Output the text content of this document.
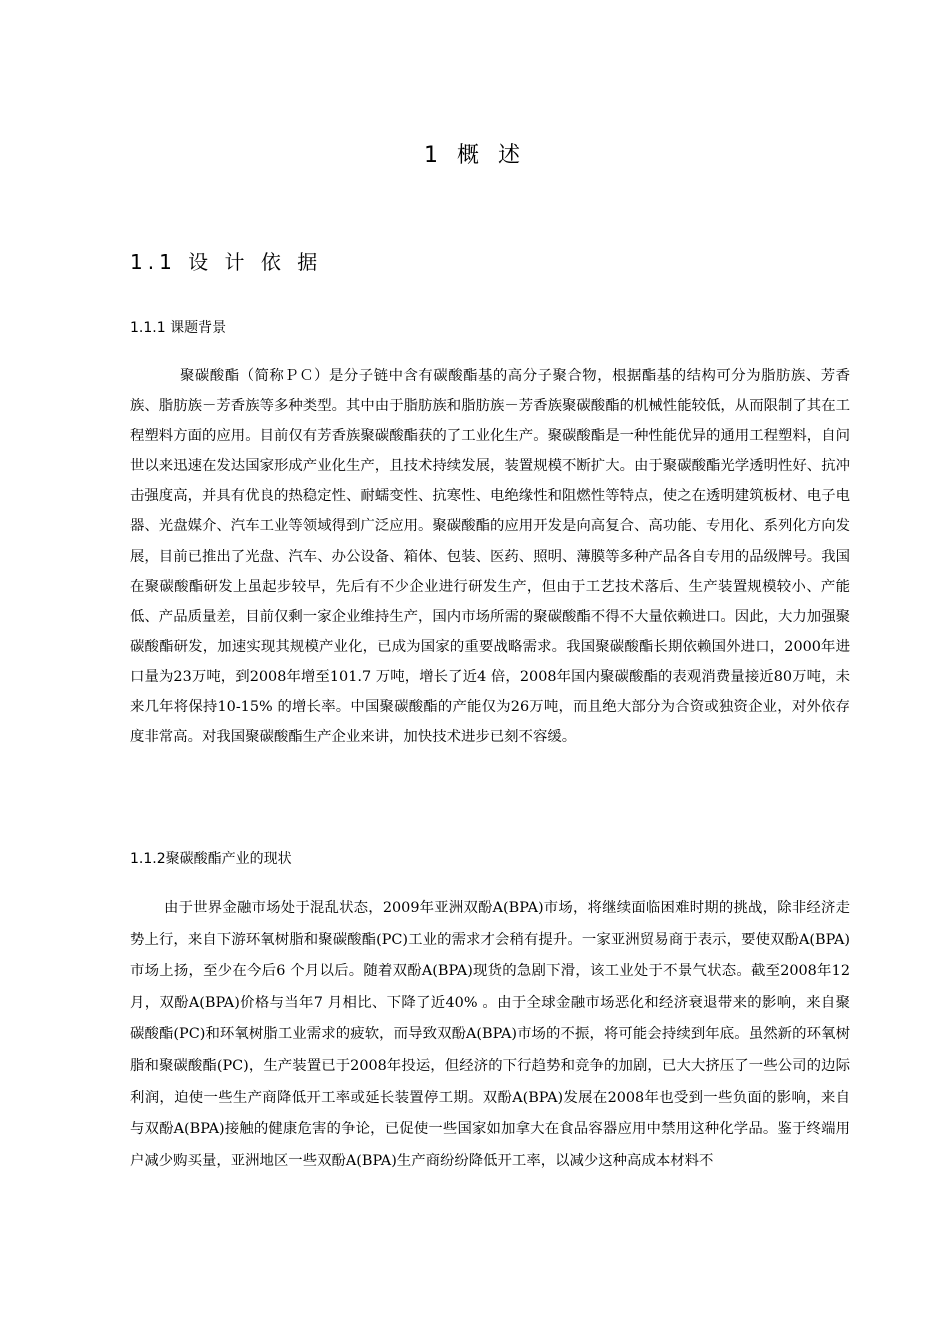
1 概 述
1.1 设 计 依 据
1.1.1 课题背景

聚碳酸酯（简称ＰＣ）是分子链中含有碳酸酯基的高分子聚合物，根据酯基的结构可分为脂肪族、芳香族、脂肪族－芳香族等多种类型。其中由于脂肪族和脂肪族－芳香族聚碳酸酯的机械性能较低，从而限制了其在工程塑料方面的应用。目前仅有芳香族聚碳酸酯获的了工业化生产。聚碳酸酯是一种性能优异的通用工程塑料，自问世以来迅速在发达国家形成产业化生产，且技术持续发展，装置规模不断扩大。由于聚碳酸酯光学透明性好、抗冲击强度高，并具有优良的热稳定性、耐蠕变性、抗寒性、电绝缘性和阻燃性等特点，使之在透明建筑板材、电子电器、光盘媒介、汽车工业等领域得到广泛应用。聚碳酸酯的应用开发是向高复合、高功能、专用化、系列化方向发展，目前已推出了光盘、汽车、办公设备、箱体、包装、医药、照明、薄膜等多种产品各自专用的品级牌号。我国在聚碳酸酯研发上虽起步较早，先后有不少企业进行研发生产，但由于工艺技术落后、生产装置规模较小、产能低、产品质量差，目前仅剩一家企业维持生产，国内市场所需的聚碳酸酯不得不大量依赖进口。因此，大力加强聚碳酸酯研发，加速实现其规模产业化，已成为国家的重要战略需求。我国聚碳酸酯长期依赖国外进口，2000年进口量为23万吨，到2008年增至101.7 万吨，增长了近4 倍，2008年国内聚碳酸酯的表观消费量接近80万吨，未来几年将保持10-15% 的增长率。中国聚碳酸酯的产能仅为26万吨，而且绝大部分为合资或独资企业，对外依存度非常高。对我国聚碳酸酯生产企业来讲，加快技术进步已刻不容缓。

1.1.2聚碳酸酯产业的现状

由于世界金融市场处于混乱状态，2009年亚洲双酚A(BPA)市场，将继续面临困难时期的挑战，除非经济走势上行，来自下游环氧树脂和聚碳酸酯(PC)工业的需求才会稍有提升。一家亚洲贸易商于表示，要使双酚A(BPA)市场上扬，至少在今后6 个月以后。随着双酚A(BPA)现货的急剧下滑，该工业处于不景气状态。截至2008年12月，双酚A(BPA)价格与当年7 月相比、下降了近40% 。由于全球金融市场恶化和经济衰退带来的影响，来自聚碳酸酯(PC)和环氧树脂工业需求的疲软，而导致双酚A(BPA)市场的不振，将可能会持续到年底。虽然新的环氧树脂和聚碳酸酯(PC)，生产装置已于2008年投运，但经济的下行趋势和竞争的加剧，已大大挤压了一些公司的边际利润，迫使一些生产商降低开工率或延长装置停工期。双酚A(BPA)发展在2008年也受到一些负面的影响，来自与双酚A(BPA)接触的健康危害的争论，已促使一些国家如加拿大在食品容器应用中禁用这种化学品。鉴于终端用户减少购买量，亚洲地区一些双酚A(BPA)生产商纷纷降低开工率，以减少这种高成本材料不
